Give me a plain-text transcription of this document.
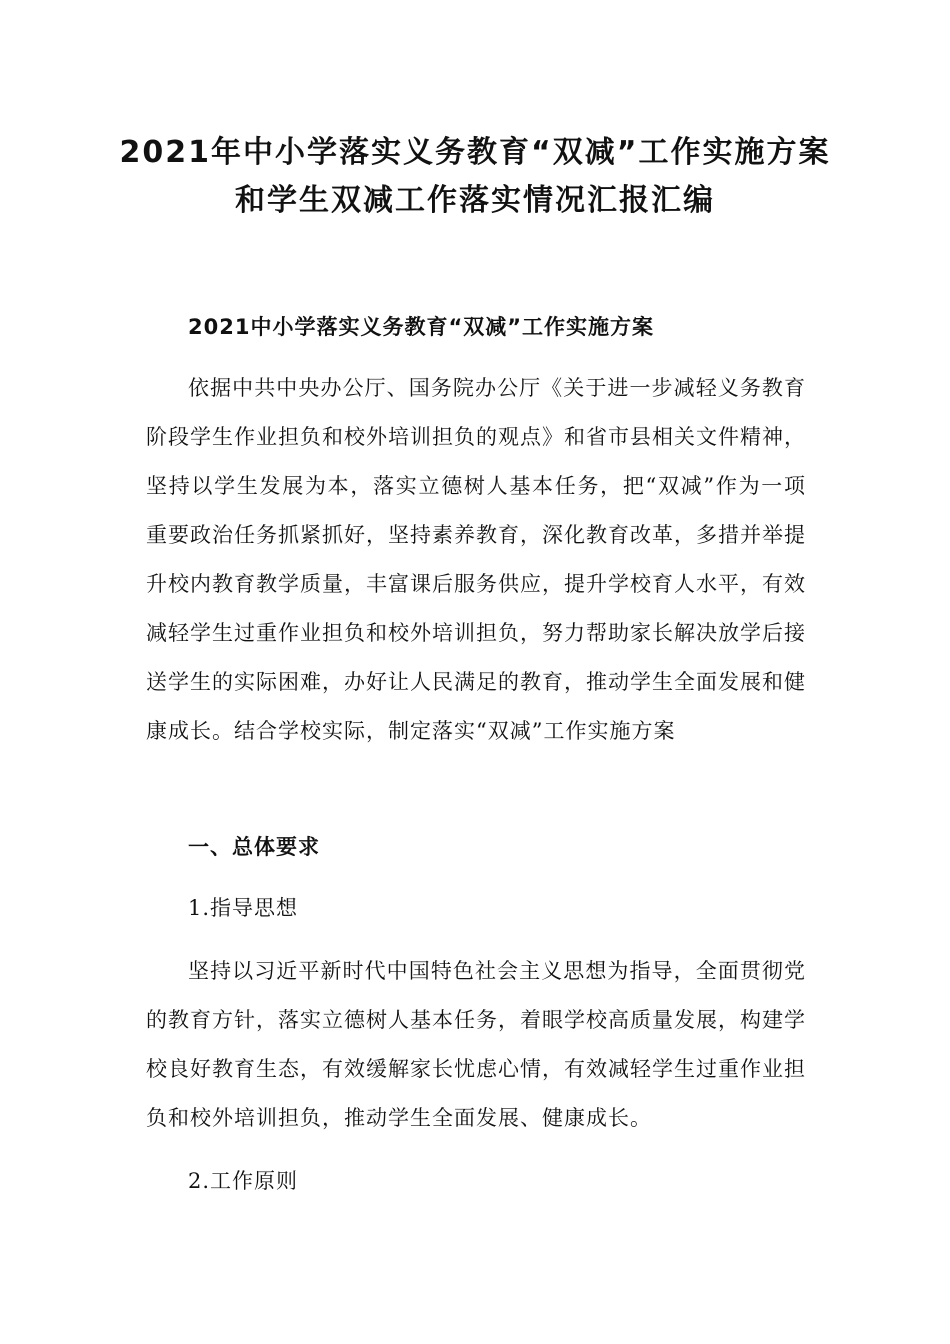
2021年中小学落实义务教育“双减”工作实施方案
和学生双减工作落实情况汇报汇编

2021中小学落实义务教育“双减”工作实施方案

依据中共中央办公厅、国务院办公厅《关于进一步减轻义务教育阶段学生作业担负和校外培训担负的观点》和省市县相关文件精神，坚持以学生发展为本，落实立德树人基本任务，把“双减”作为一项重要政治任务抓紧抓好，坚持素养教育，深化教育改革，多措并举提升校内教育教学质量，丰富课后服务供应，提升学校育人水平，有效减轻学生过重作业担负和校外培训担负，努力帮助家长解决放学后接送学生的实际困难，办好让人民满足的教育，推动学生全面发展和健康成长。结合学校实际，制定落实“双减”工作实施方案

一、总体要求

1.指导思想

坚持以习近平新时代中国特色社会主义思想为指导，全面贯彻党的教育方针，落实立德树人基本任务，着眼学校高质量发展，构建学校良好教育生态，有效缓解家长忧虑心情，有效减轻学生过重作业担负和校外培训担负，推动学生全面发展、健康成长。

2.工作原则
